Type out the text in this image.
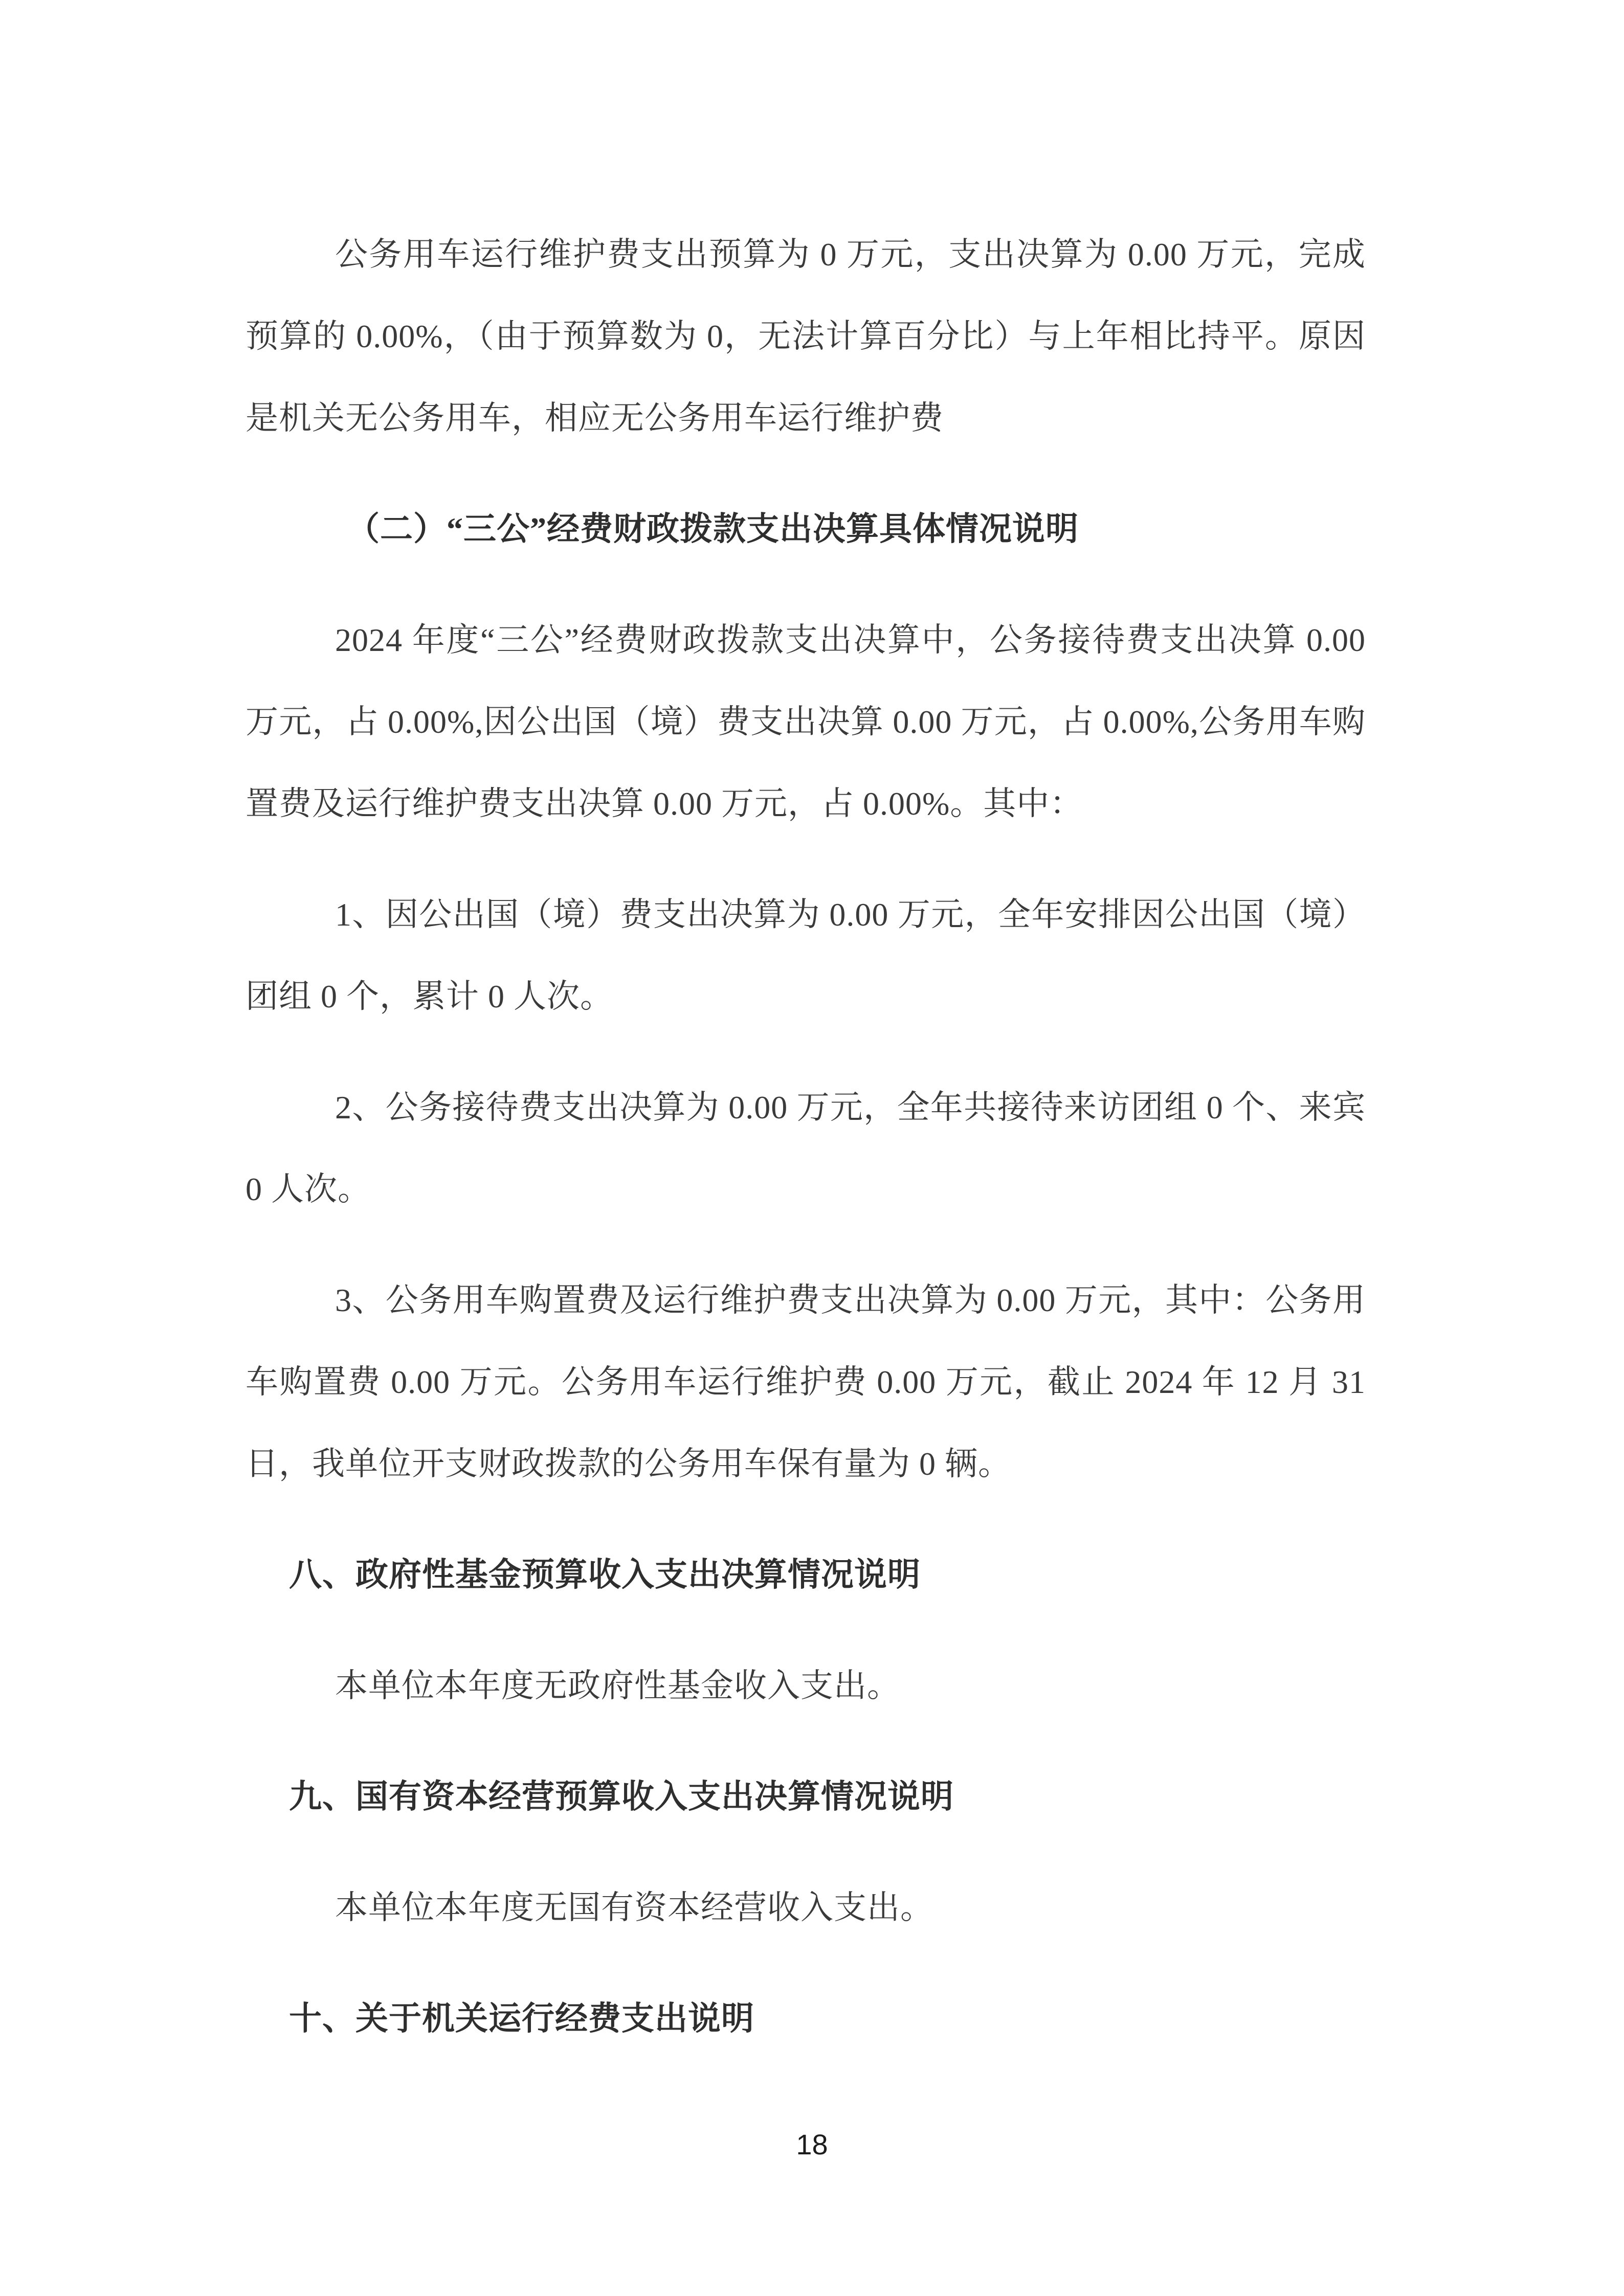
公务用车运行维护费支出预算为 0 万元，支出决算为 0.00 万元，完成预算的 0.00%，（由于预算数为 0，无法计算百分比）与上年相比持平。原因是机关无公务用车，相应无公务用车运行维护费

（二）“三公”经费财政拨款支出决算具体情况说明

2024 年度“三公”经费财政拨款支出决算中，公务接待费支出决算 0.00 万元，占 0.00%,因公出国（境）费支出决算 0.00 万元，占 0.00%,公务用车购置费及运行维护费支出决算 0.00 万元，占 0.00%。其中：

1、因公出国（境）费支出决算为 0.00 万元，全年安排因公出国（境）团组 0 个，累计 0 人次。

2、公务接待费支出决算为 0.00 万元，全年共接待来访团组 0 个、来宾 0 人次。

3、公务用车购置费及运行维护费支出决算为 0.00 万元，其中：公务用车购置费 0.00 万元。公务用车运行维护费 0.00 万元，截止 2024 年 12 月 31 日，我单位开支财政拨款的公务用车保有量为 0 辆。

八、政府性基金预算收入支出决算情况说明

本单位本年度无政府性基金收入支出。

九、国有资本经营预算收入支出决算情况说明

本单位本年度无国有资本经营收入支出。

十、关于机关运行经费支出说明
18
